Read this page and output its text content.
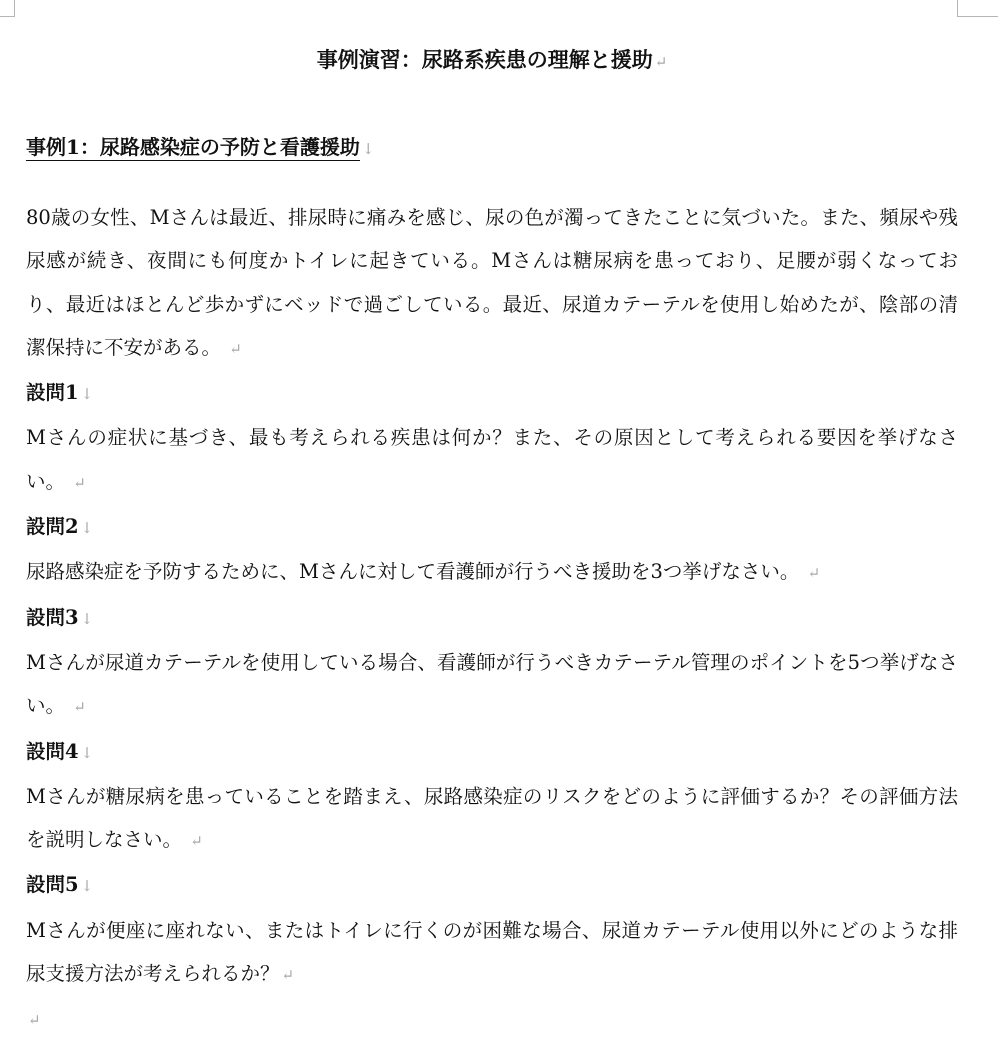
事例演習：尿路系疾患の理解と援助 ↵
事例1：尿路感染症の予防と看護援助 ↓

80歳の女性、Mさんは最近、排尿時に痛みを感じ、尿の色が濁ってきたことに気づいた。また、頻尿や残尿感が続き、夜間にも何度かトイレに起きている。Mさんは糖尿病を患っており、足腰が弱くなっており、最近はほとんど歩かずにベッドで過ごしている。最近、尿道カテーテルを使用し始めたが、陰部の清潔保持に不安がある。 ↵

設問1 ↓

Mさんの症状に基づき、最も考えられる疾患は何か？また、その原因として考えられる要因を挙げなさい。 ↵

設問2 ↓

尿路感染症を予防するために、Mさんに対して看護師が行うべき援助を3つ挙げなさい。 ↵

設問3 ↓

Mさんが尿道カテーテルを使用している場合、看護師が行うべきカテーテル管理のポイントを5つ挙げなさい。 ↵

設問4 ↓

Mさんが糖尿病を患っていることを踏まえ、尿路感染症のリスクをどのように評価するか？その評価方法を説明しなさい。 ↵

設問5 ↓

Mさんが便座に座れない、またはトイレに行くのが困難な場合、尿道カテーテル使用以外にどのような排尿支援方法が考えられるか？ ↵

↵
